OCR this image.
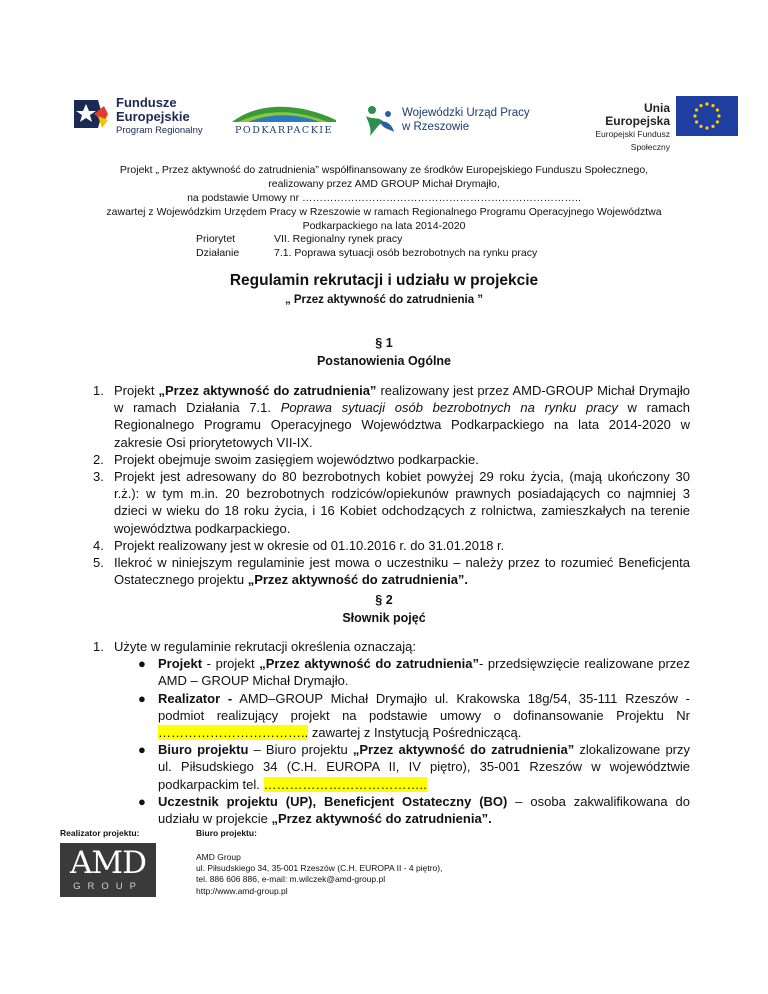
Fundusze
Europejskie
Program Regionalny	PODKARPACKIE
Wojewódzki Urząd Pracy
w Rzeszowie
Unia Europejska
Europejski Fundusz Społeczny
Projekt „ Przez aktywność do zatrudnienia” współfinansowany ze środków Europejskiego Funduszu Społecznego,
realizowany przez AMD GROUP Michał Drymajło,
na podstawie Umowy nr ……………………………………………………………………..
zawartej z Wojewódzkim Urzędem Pracy w Rzeszowie w ramach Regionalnego Programu Operacyjnego Województwa
Podkarpackiego na lata 2014-2020
Priorytet	VII. Regionalny rynek pracy
Działanie	7.1. Poprawa sytuacji osób bezrobotnych na rynku pracy
Regulamin rekrutacji i udziału w projekcie
„ Przez aktywność do zatrudnienia ”
§ 1
Postanowienia Ogólne
1. Projekt „Przez aktywność do zatrudnienia” realizowany jest przez AMD-GROUP Michał Drymajło w ramach Działania 7.1. Poprawa sytuacji osób bezrobotnych na rynku pracy w ramach Regionalnego Programu Operacyjnego Województwa Podkarpackiego na lata 2014-2020 w zakresie Osi priorytetowych VII-IX.
2. Projekt obejmuje swoim zasięgiem województwo podkarpackie.
3. Projekt jest adresowany do 80 bezrobotnych kobiet powyżej 29 roku życia, (mają ukończony 30 r.ż.): w tym m.in. 20 bezrobotnych rodziców/opiekunów prawnych posiadających co najmniej 3 dzieci w wieku do 18 roku życia, i 16 Kobiet odchodzących z rolnictwa, zamieszkałych na terenie województwa podkarpackiego.
4. Projekt realizowany jest w okresie od 01.10.2016 r. do 31.01.2018 r.
5. Ilekroć w niniejszym regulaminie jest mowa o uczestniku – należy przez to rozumieć Beneficjenta Ostatecznego projektu „Przez aktywność do zatrudnienia”.
§ 2
Słownik pojęć
1. Użyte w regulaminie rekrutacji określenia oznaczają:
● Projekt - projekt „Przez aktywność do zatrudnienia”- przedsięwzięcie realizowane przez AMD – GROUP Michał Drymajło.
● Realizator - AMD–GROUP Michał Drymajło ul. Krakowska 18g/54, 35-111 Rzeszów - podmiot realizujący projekt na podstawie umowy o dofinansowanie Projektu Nr …………………………….. zawartej z Instytucją Pośredniczącą.
● Biuro projektu – Biuro projektu „Przez aktywność do zatrudnienia” zlokalizowane przy ul. Piłsudskiego 34 (C.H. EUROPA II, IV piętro), 35-001 Rzeszów w województwie podkarpackim tel. ………………………………..
● Uczestnik projektu (UP), Beneficjent Ostateczny (BO) – osoba zakwalifikowana do udziału w projekcie „Przez aktywność do zatrudnienia”.
Realizator projektu:	Biuro projektu:
AMD
GROUP
AMD Group
ul. Piłsudskiego 34, 35-001 Rzeszów (C.H. EUROPA II - 4 piętro),
tel. 886 606 886, e-mail: m.wilczek@amd-group.pl
http://www.amd-group.pl
